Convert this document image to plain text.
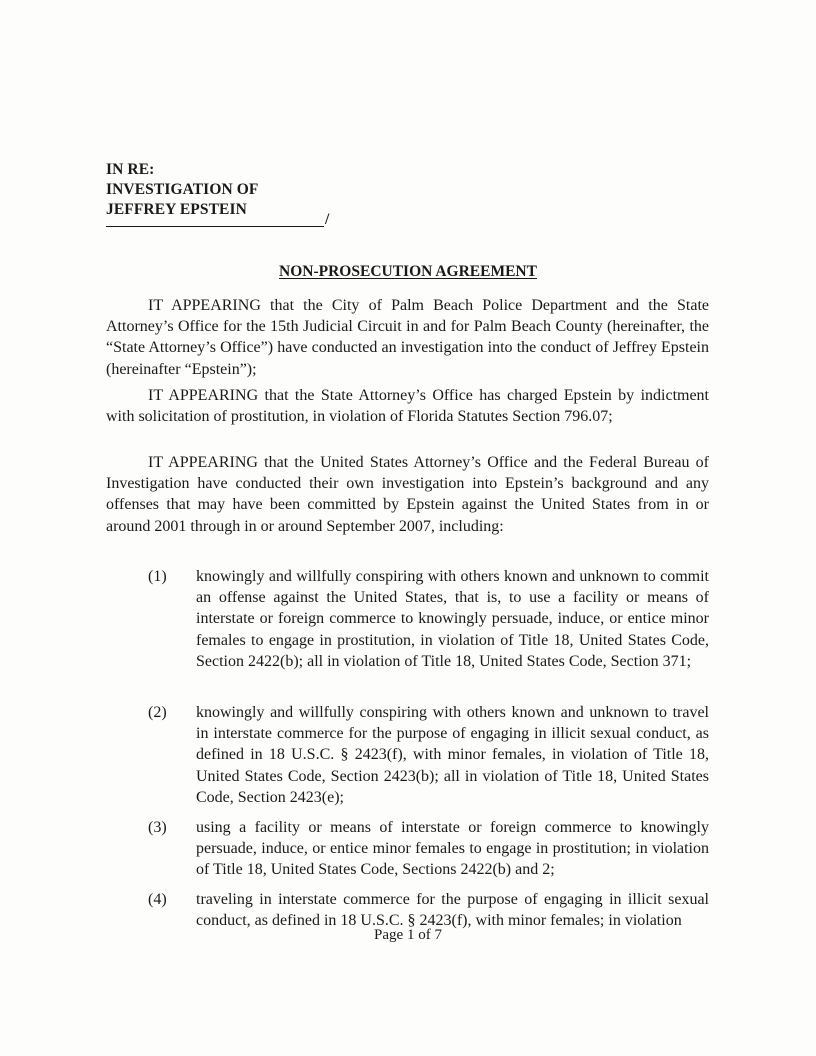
IN RE:
INVESTIGATION OF
JEFFREY EPSTEIN
/
NON-PROSECUTION AGREEMENT

IT APPEARING that the City of Palm Beach Police Department and the State Attorney’s Office for the 15th Judicial Circuit in and for Palm Beach County (hereinafter, the “State Attorney’s Office”) have conducted an investigation into the conduct of Jeffrey Epstein (hereinafter “Epstein”);

IT APPEARING that the State Attorney’s Office has charged Epstein by indictment with solicitation of prostitution, in violation of Florida Statutes Section 796.07;

IT APPEARING that the United States Attorney’s Office and the Federal Bureau of Investigation have conducted their own investigation into Epstein’s background and any offenses that may have been committed by Epstein against the United States from in or around 2001 through in or around September 2007, including:

(1)	knowingly and willfully conspiring with others known and unknown to commit an offense against the United States, that is, to use a facility or means of interstate or foreign commerce to knowingly persuade, induce, or entice minor females to engage in prostitution, in violation of Title 18, United States Code, Section 2422(b); all in violation of Title 18, United States Code, Section 371;
(2)	knowingly and willfully conspiring with others known and unknown to travel in interstate commerce for the purpose of engaging in illicit sexual conduct, as defined in 18 U.S.C. § 2423(f), with minor females, in violation of Title 18, United States Code, Section 2423(b); all in violation of Title 18, United States Code, Section 2423(e);
(3)	using a facility or means of interstate or foreign commerce to knowingly persuade, induce, or entice minor females to engage in prostitution; in violation of Title 18, United States Code, Sections 2422(b) and 2;
(4)	traveling in interstate commerce for the purpose of engaging in illicit sexual conduct, as defined in 18 U.S.C. § 2423(f), with minor females; in violation
Page 1 of 7
